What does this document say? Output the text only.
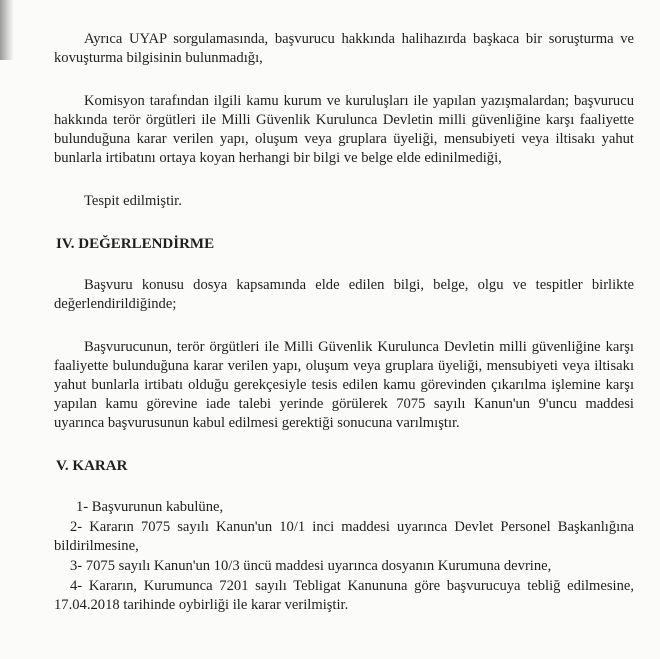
Ayrıca UYAP sorgulamasında, başvurucu hakkında halihazırda başkaca bir soruşturma ve kovuşturma bilgisinin bulunmadığı,

Komisyon tarafından ilgili kamu kurum ve kuruluşları ile yapılan yazışmalardan; başvurucu hakkında terör örgütleri ile Milli Güvenlik Kurulunca Devletin milli güvenliğine karşı faaliyette bulunduğuna karar verilen yapı, oluşum veya gruplara üyeliği, mensubiyeti veya iltisakı yahut bunlarla irtibatını ortaya koyan herhangi bir bilgi ve belge elde edinilmediği,

Tespit edilmiştir.

IV. DEĞERLENDİRME

Başvuru konusu dosya kapsamında elde edilen bilgi, belge, olgu ve tespitler birlikte değerlendirildiğinde;

Başvurucunun, terör örgütleri ile Milli Güvenlik Kurulunca Devletin milli güvenliğine karşı faaliyette bulunduğuna karar verilen yapı, oluşum veya gruplara üyeliği, mensubiyeti veya iltisakı yahut bunlarla irtibatı olduğu gerekçesiyle tesis edilen kamu görevinden çıkarılma işlemine karşı yapılan kamu görevine iade talebi yerinde görülerek 7075 sayılı Kanun'un 9'uncu maddesi uyarınca başvurusunun kabul edilmesi gerektiği sonucuna varılmıştır.

V. KARAR
1- Başvurunun kabulüne,
2- Kararın 7075 sayılı Kanun'un 10/1 inci maddesi uyarınca Devlet Personel Başkanlığına bildirilmesine,
3- 7075 sayılı Kanun'un 10/3 üncü maddesi uyarınca dosyanın Kurumuna devrine,
4- Kararın, Kurumunca 7201 sayılı Tebligat Kanununa göre başvurucuya tebliğ edilmesine, 17.04.2018 tarihinde oybirliği ile karar verilmiştir.
